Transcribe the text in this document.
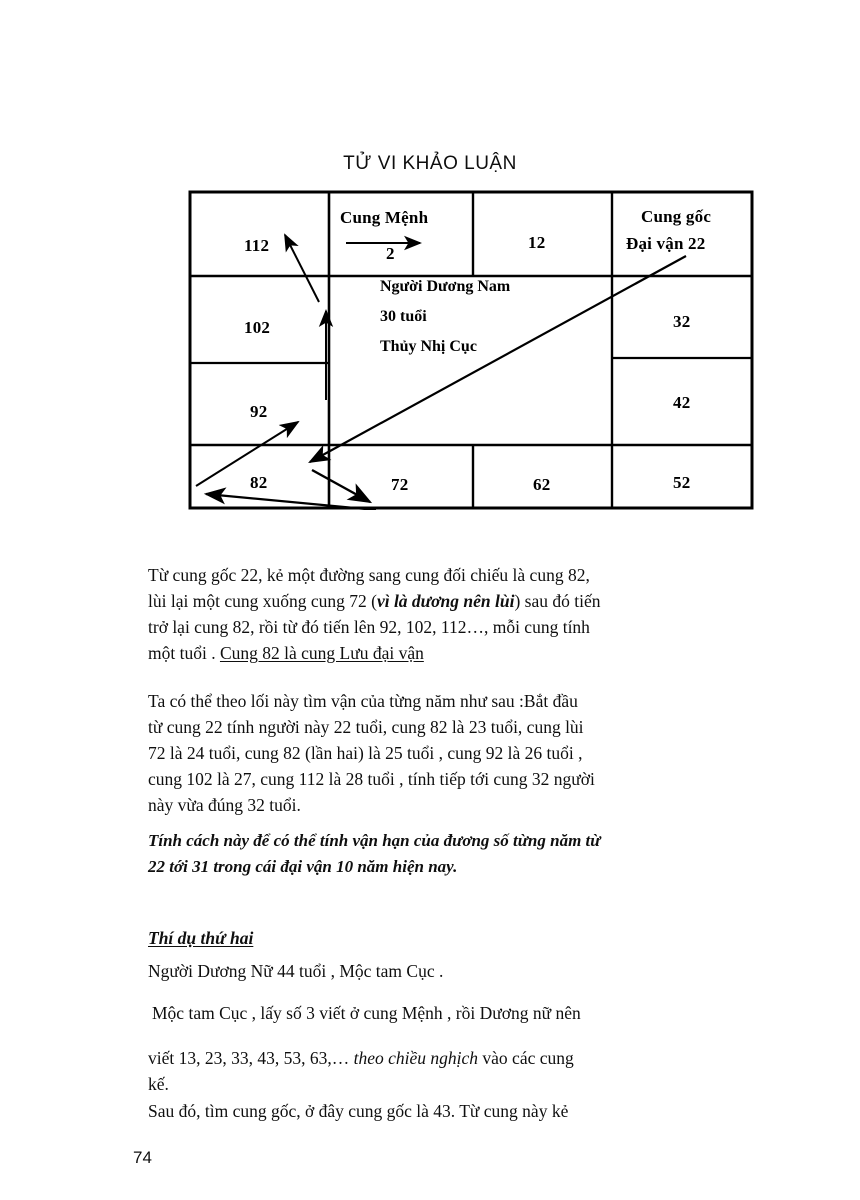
TỬ VI KHẢO LUẬN
112
Cung Mệnh
2
12
Cung gốc
Đại vận 22
102
92
82
32
42
52
72	62
Người Dương Nam
30 tuổi
Thủy Nhị Cục

Từ cung gốc 22, kẻ một đường sang cung đối chiếu là cung 82,
lùi lại một cung xuống cung 72 (vì là dương nên lùi) sau đó tiến
trở lại cung 82, rồi từ đó tiến lên 92, 102, 112…, mỗi cung tính
một tuổi . Cung 82 là cung Lưu đại vận

Ta có thể theo lối này tìm vận của từng năm như sau :Bắt đầu
từ cung 22 tính người này 22 tuổi, cung 82 là 23 tuổi, cung lùi
72 là 24 tuổi, cung 82 (lần hai) là 25 tuổi , cung 92 là 26 tuổi ,
cung 102 là 27, cung 112 là 28 tuổi , tính tiếp tới cung 32 người
này vừa đúng 32 tuổi.

Tính cách này để có thể tính vận hạn của đương số từng năm từ
22 tới 31 trong cái đại vận 10 năm hiện nay.

Thí dụ thứ hai

Người Dương Nữ 44 tuổi , Mộc tam Cục .

Mộc tam Cục , lấy số 3 viết ở cung Mệnh , rồi Dương nữ nên

viết 13, 23, 33, 43, 53, 63,… theo chiều nghịch vào các cung
kế.

Sau đó, tìm cung gốc, ở đây cung gốc là 43. Từ cung này kẻ

74
